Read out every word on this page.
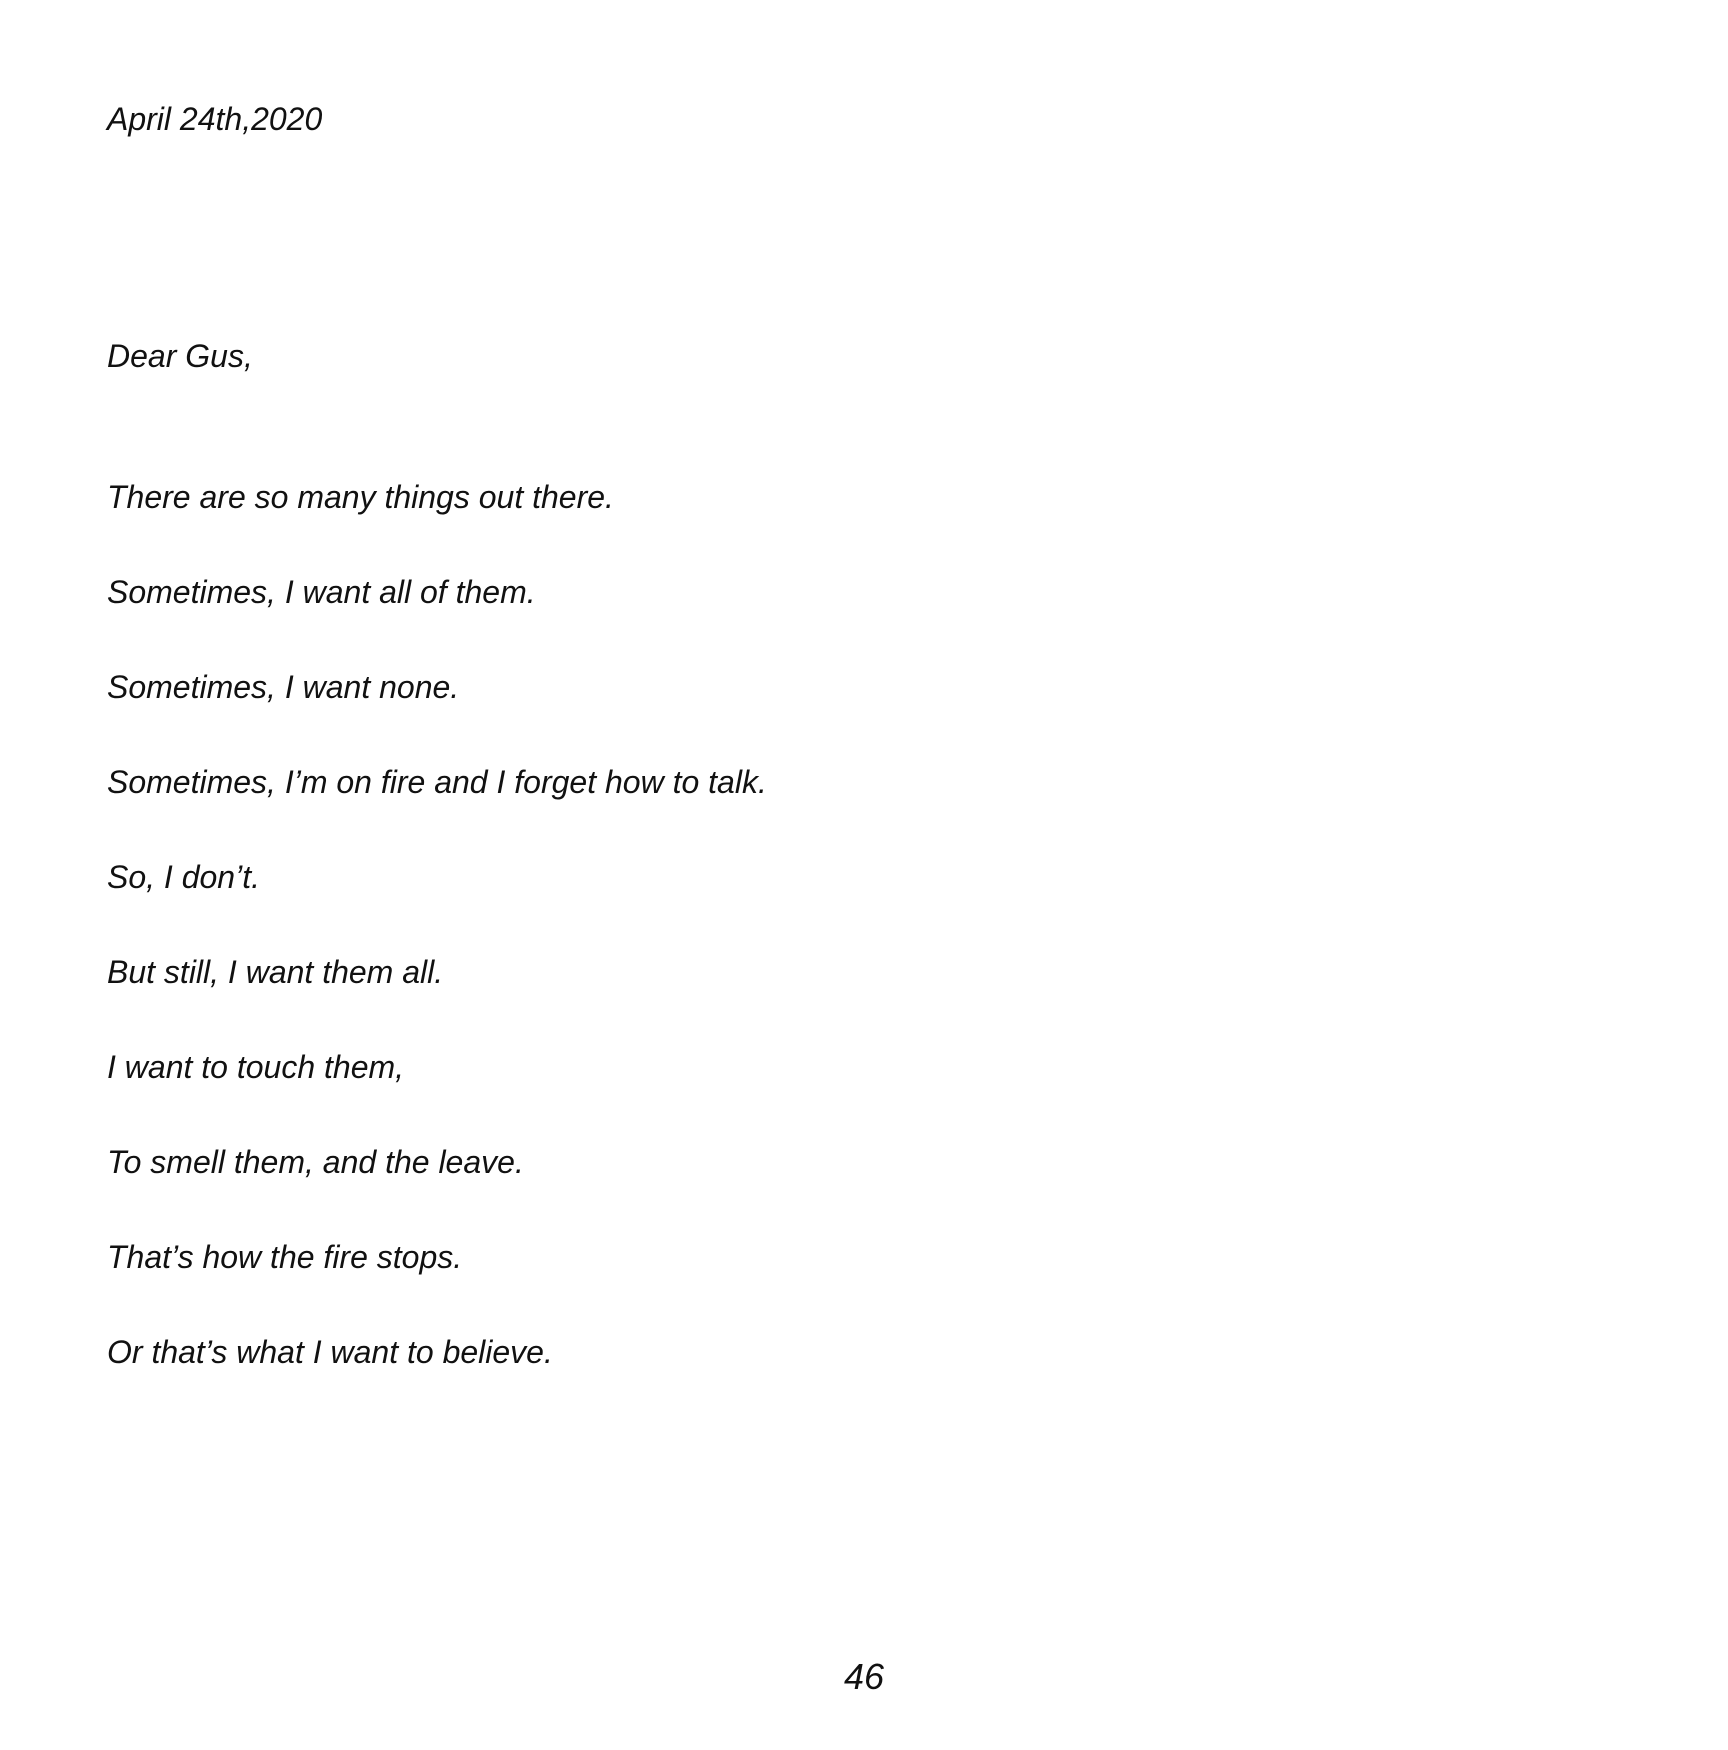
April 24th,2020

Dear Gus,

There are so many things out there.

Sometimes, I want all of them.

Sometimes, I want none.

Sometimes, I’m on fire and I forget how to talk.

So, I don’t.

But still, I want them all.

I want to touch them,

To smell them, and the leave.

That’s how the fire stops.

Or that’s what I want to believe.

46
